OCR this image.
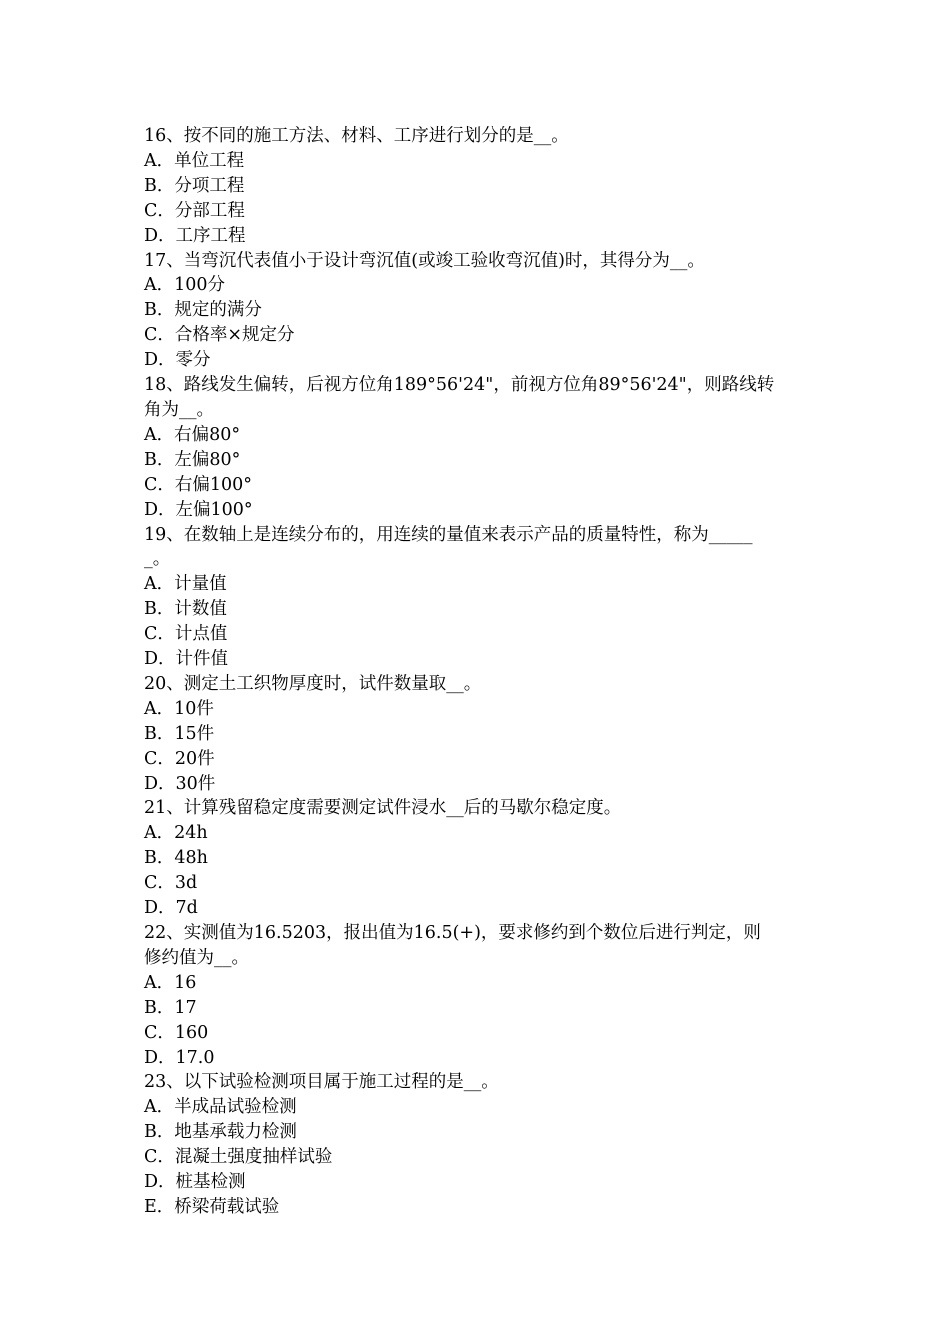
16、按不同的施工方法、材料、工序进行划分的是__。

A．单位工程

B．分项工程

C．分部工程

D．工序工程

17、当弯沉代表值小于设计弯沉值(或竣工验收弯沉值)时，其得分为__。

A．100分

B．规定的满分

C．合格率×规定分

D．零分

18、路线发生偏转，后视方位角189°56'24"，前视方位角89°56'24"，则路线转

角为__。

A．右偏80°

B．左偏80°

C．右偏100°

D．左偏100°

19、在数轴上是连续分布的，用连续的量值来表示产品的质量特性，称为_____

_。

A．计量值

B．计数值

C．计点值

D．计件值

20、测定土工织物厚度时，试件数量取__。

A．10件

B．15件

C．20件

D．30件

21、计算残留稳定度需要测定试件浸水__后的马歇尔稳定度。

A．24h

B．48h

C．3d

D．7d

22、实测值为16.5203，报出值为16.5(+)，要求修约到个数位后进行判定，则

修约值为__。

A．16

B．17

C．160

D．17.0

23、以下试验检测项目属于施工过程的是__。

A．半成品试验检测

B．地基承载力检测

C．混凝土强度抽样试验

D．桩基检测

E．桥梁荷载试验
